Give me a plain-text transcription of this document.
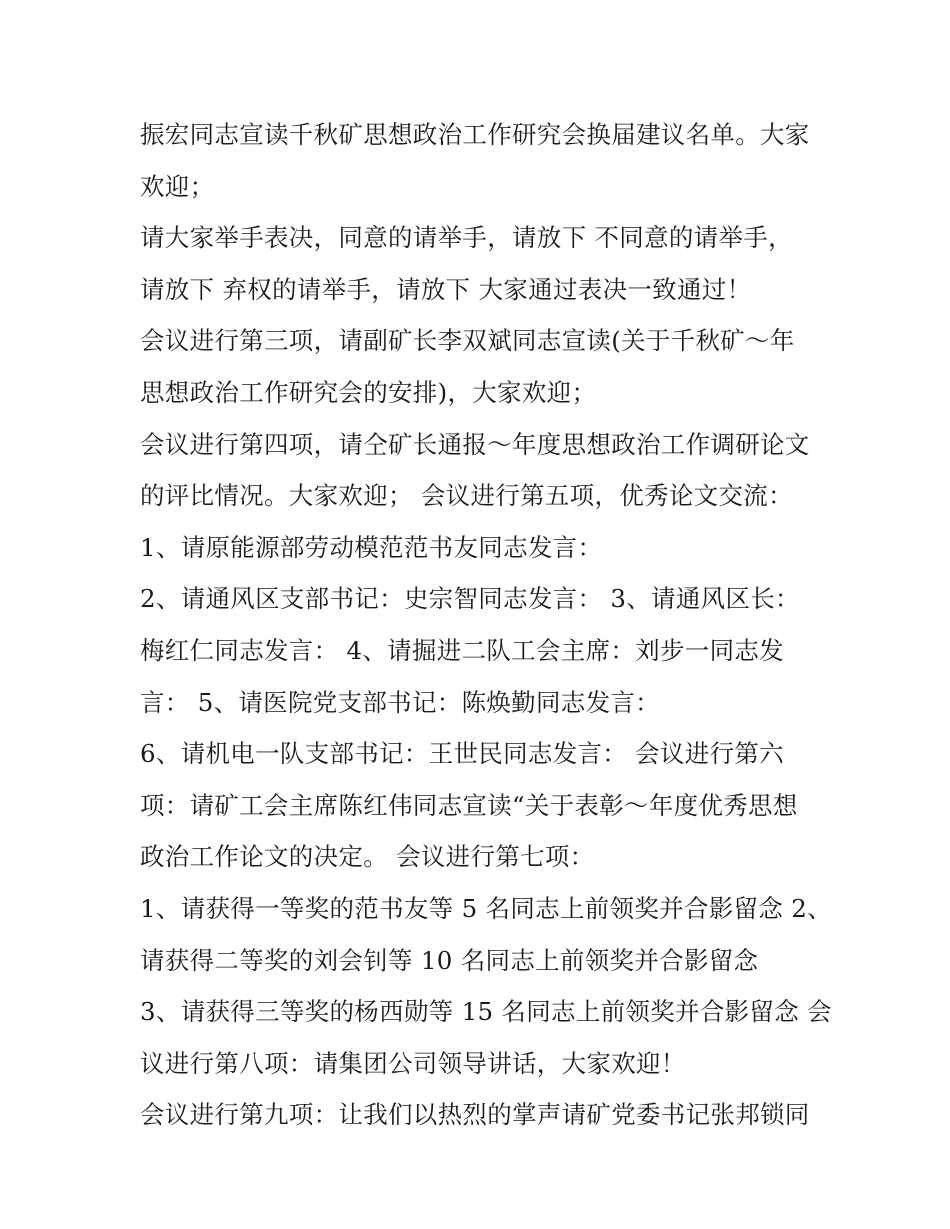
振宏同志宣读千秋矿思想政治工作研究会换届建议名单。大家
欢迎；
请大家举手表决，同意的请举手，请放下 不同意的请举手，
请放下 弃权的请举手，请放下 大家通过表决一致通过！
会议进行第三项，请副矿长李双斌同志宣读(关于千秋矿～年
思想政治工作研究会的安排)，大家欢迎；
会议进行第四项，请仝矿长通报～年度思想政治工作调研论文
的评比情况。大家欢迎； 会议进行第五项，优秀论文交流：
1、请原能源部劳动模范范书友同志发言：
2、请通风区支部书记：史宗智同志发言： 3、请通风区长：
梅红仁同志发言： 4、请掘进二队工会主席：刘步一同志发
言： 5、请医院党支部书记：陈焕勤同志发言：
6、请机电一队支部书记：王世民同志发言： 会议进行第六
项：请矿工会主席陈红伟同志宣读“关于表彰～年度优秀思想
政治工作论文的决定。 会议进行第七项：
1、请获得一等奖的范书友等 5 名同志上前领奖并合影留念 2、
请获得二等奖的刘会钊等 10 名同志上前领奖并合影留念
3、请获得三等奖的杨西勋等 15 名同志上前领奖并合影留念 会
议进行第八项：请集团公司领导讲话，大家欢迎！
会议进行第九项：让我们以热烈的掌声请矿党委书记张邦锁同
